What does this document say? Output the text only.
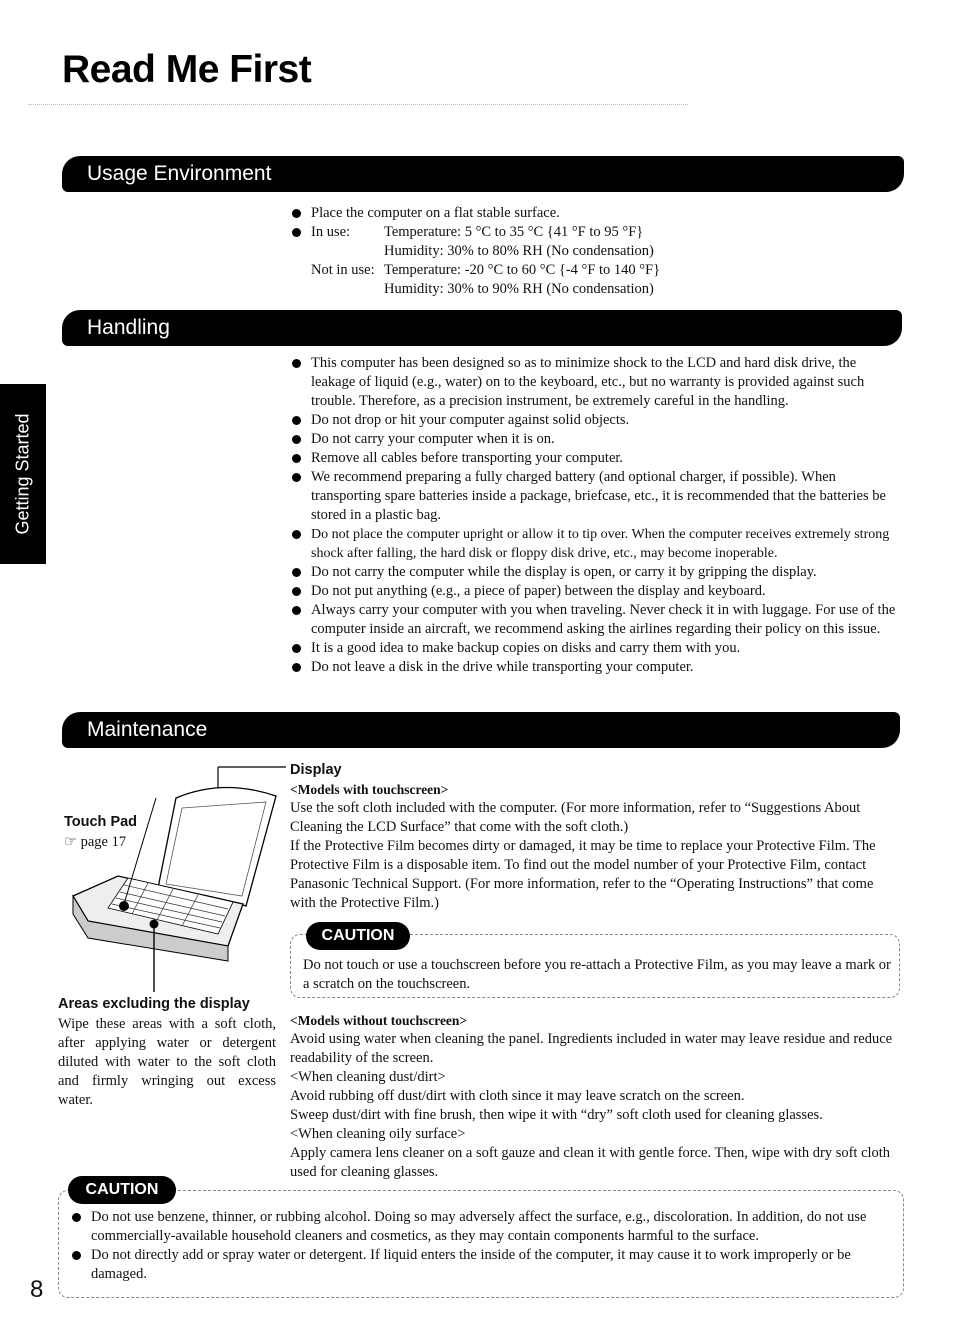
Read Me First
Getting Started
Usage Environment
Place the computer on a flat stable surface.
In use:	Temperature: 5 °C to 35 °C {41 °F to 95 °F}
Humidity: 30% to 80% RH (No condensation)
Not in use: Temperature: -20 °C to 60 °C {-4 °F to 140 °F}
Humidity: 30% to 90% RH (No condensation)
Handling
This computer has been designed so as to minimize shock to the LCD and hard disk drive, the leakage of liquid (e.g., water) on to the keyboard, etc., but no warranty is provided against such trouble. Therefore, as a precision instrument, be extremely careful in the handling.
Do not drop or hit your computer against solid objects.
Do not carry your computer when it is on.
Remove all cables before transporting your computer.
We recommend preparing a fully charged battery (and optional charger, if possible). When transporting spare batteries inside a package, briefcase, etc., it is recommended that the batteries be stored in a plastic bag.
Do not place the computer upright or allow it to tip over. When the computer receives extremely strong shock after falling, the hard disk or floppy disk drive, etc., may become inoperable.
Do not carry the computer while the display is open, or carry it by gripping the display.
Do not put anything (e.g., a piece of paper) between the display and keyboard.
Always carry your computer with you when traveling. Never check it in with luggage. For use of the computer inside an aircraft, we recommend asking the airlines regarding their policy on this issue.
It is a good idea to make backup copies on disks and carry them with you.
Do not leave a disk in the drive while transporting your computer.
Maintenance
Touch Pad
☞ page 17
Areas excluding the display
Wipe these areas with a soft cloth, after applying water or detergent diluted with water to the soft cloth and firmly wringing out excess water.
Display
<Models with touchscreen>
Use the soft cloth included with the computer. (For more information, refer to “Suggestions About Cleaning the LCD Surface” that come with the soft cloth.)
If the Protective Film becomes dirty or damaged, it may be time to replace your Protective Film. The Protective Film is a disposable item. To find out the model number of your Protective Film, contact Panasonic Technical Support. (For more information, refer to the “Operating Instructions” that come with the Protective Film.)
CAUTION
Do not touch or use a touchscreen before you re-attach a Protective Film, as you may leave a mark or a scratch on the touchscreen.
<Models without touchscreen>
Avoid using water when cleaning the panel. Ingredients included in water may leave residue and reduce readability of the screen.
<When cleaning dust/dirt>
Avoid rubbing off dust/dirt with cloth since it may leave scratch on the screen.
Sweep dust/dirt with fine brush, then wipe it with “dry” soft cloth used for cleaning glasses.
<When cleaning oily surface>
Apply camera lens cleaner on a soft gauze and clean it with gentle force. Then, wipe with dry soft cloth used for cleaning glasses.
CAUTION
Do not use benzene, thinner, or rubbing alcohol. Doing so may adversely affect the surface, e.g., discoloration. In addition, do not use commercially-available household cleaners and cosmetics, as they may contain components harmful to the surface.
Do not directly add or spray water or detergent. If liquid enters the inside of the computer, it may cause it to work improperly or be damaged.
8
